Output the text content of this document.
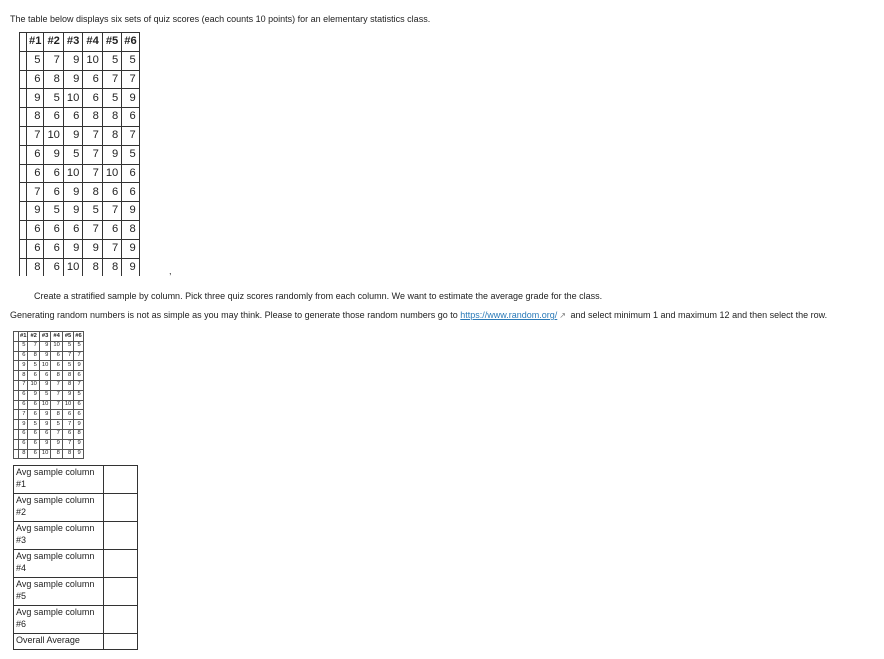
The table below displays six sets of quiz scores (each counts 10 points) for an elementary statistics class.
	#1	#2	#3	#4	#5	#6
	5	7	9	10	5	5
	6	8	9	6	7	7
	9	5	10	6	5	9
	8	6	6	8	8	6
	7	10	9	7	8	7
	6	9	5	7	9	5
	6	6	10	7	10	6
	7	6	9	8	6	6
	9	5	9	5	7	9
	6	6	6	7	6	8
	6	6	9	9	7	9
	8	6	10	8	8	9	,
Create a stratified sample by column. Pick three quiz scores randomly from each column. We want to estimate the average grade for the class.
Generating random numbers is not as simple as you may think. Please to generate those random numbers go to https://www.random.org/ ↗ and select minimum 1 and maximum 12 and then select the row.
	#1	#2	#3	#4	#5	#6
	5	7	9	10	5	5
	6	8	9	6	7	7
	9	5	10	6	5	9
	8	6	6	8	8	6
	7	10	9	7	8	7
	6	9	5	7	9	5
	6	6	10	7	10	6
	7	6	9	8	6	6
	9	5	9	5	7	9
	6	6	6	7	6	8
	6	6	9	9	7	9
	8	6	10	8	8	9
Avg sample column #1	
Avg sample column #2	
Avg sample column #3	
Avg sample column #4	
Avg sample column #5	
Avg sample column #6	
Overall Average	
